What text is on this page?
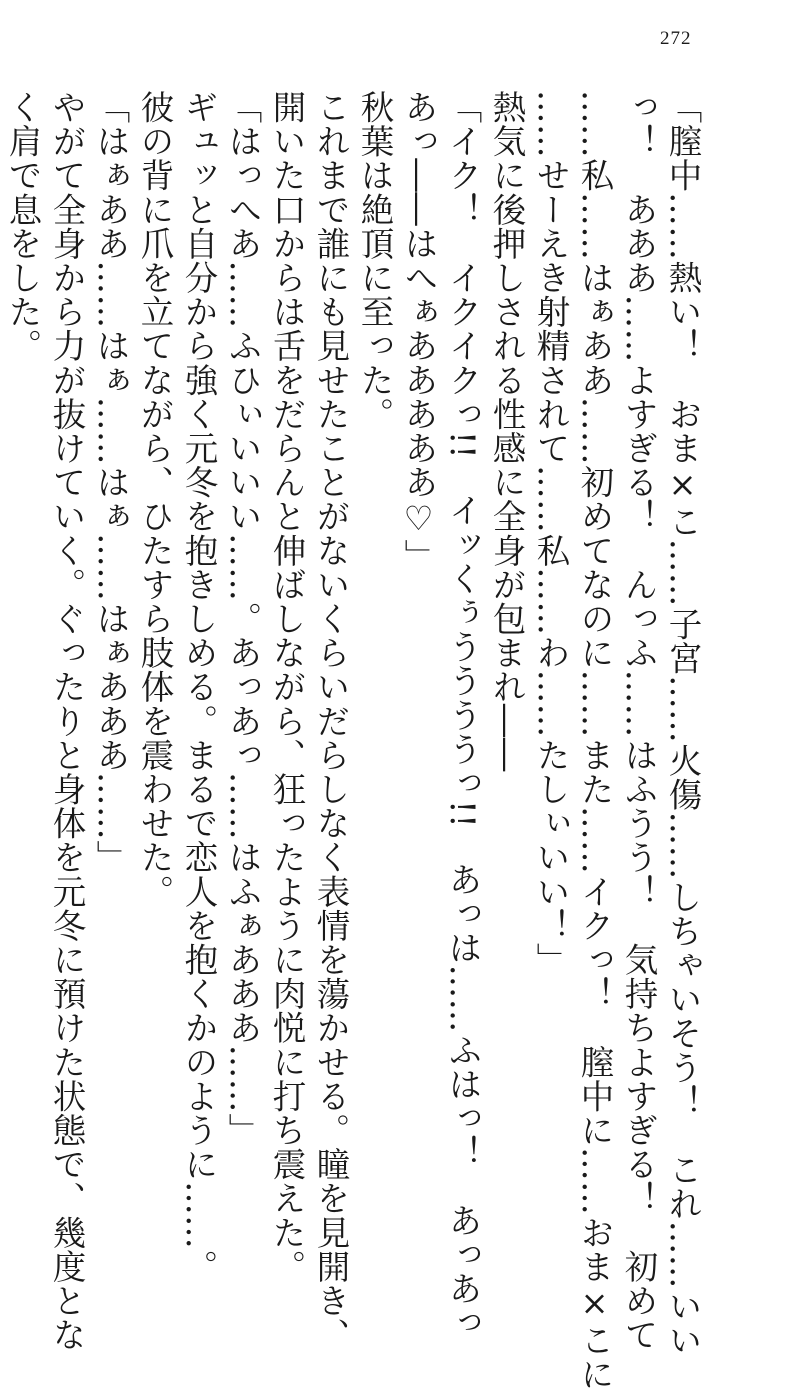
272
「膣中……熱い！　おま×こ……子宮……火傷……しちゃいそう！　これ……いい
っ！　あああ……よすぎる！　んっふ……はふうう！　気持ちよすぎる！　初めて
……私……はぁああ……初めてなのに……また……イクっ！　膣中に……おま×こに
……せーえき射精されて……私……わ……たしぃいい！」
熱気に後押しされる性感に全身が包まれ――
「イク！　イクイクっ!!　イッくぅううううっ!!　あっは……ふはっ！　あっあっ
あっ――はへぁあああああ♡」
秋葉は絶頂に至った。
これまで誰にも見せたことがないくらいだらしなく表情を蕩かせる。瞳を見開き、
開いた口からは舌をだらんと伸ばしながら、狂ったように肉悦に打ち震えた。
「はっへあ……ふひぃいいい……。あっあっ……はふぁあああ……」
ギュッと自分から強く元冬を抱きしめる。まるで恋人を抱くかのように……。
彼の背に爪を立てながら、ひたすら肢体を震わせた。
「はぁああ……はぁ……はぁ……はぁあああ……」
やがて全身から力が抜けていく。ぐったりと身体を元冬に預けた状態で、幾度とな
く肩で息をした。
